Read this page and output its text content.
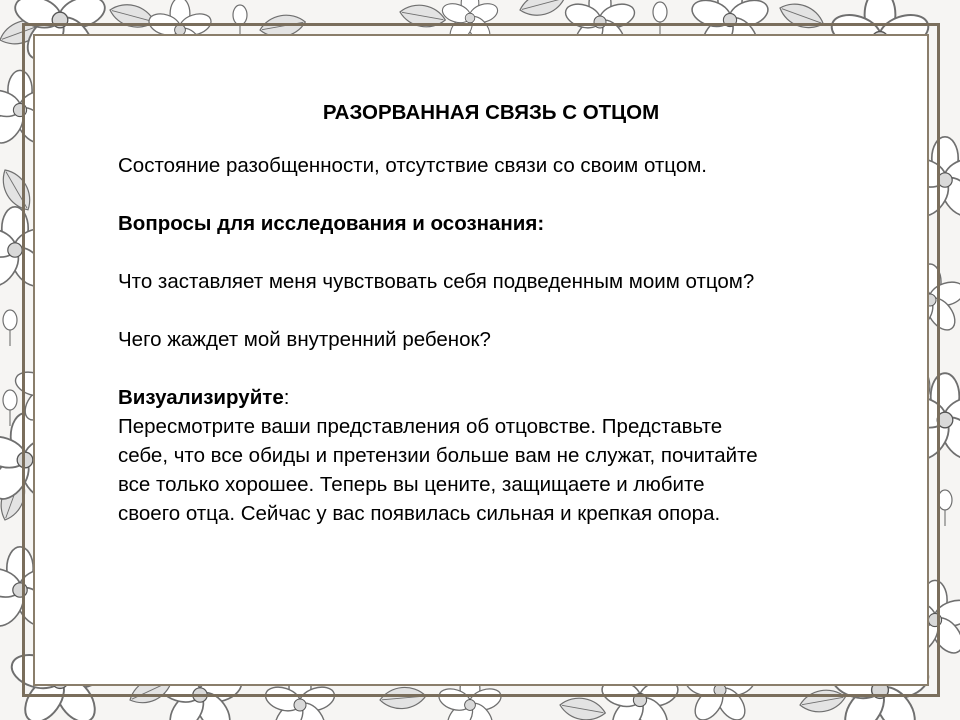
РАЗОРВАННАЯ СВЯЗЬ С ОТЦОМ

Состояние разобщенности, отсутствие связи со своим отцом.

Вопросы для исследования и осознания:

Что заставляет меня чувствовать себя подведенным моим отцом?

Чего жаждет мой внутренний ребенок?

Визуализируйте:

Пересмотрите ваши представления об отцовстве. Представьте

себе, что все обиды и претензии больше вам не служат, почитайте

все только хорошее. Теперь вы цените, защищаете и любите

своего отца. Сейчас у вас появилась сильная и крепкая опора.
